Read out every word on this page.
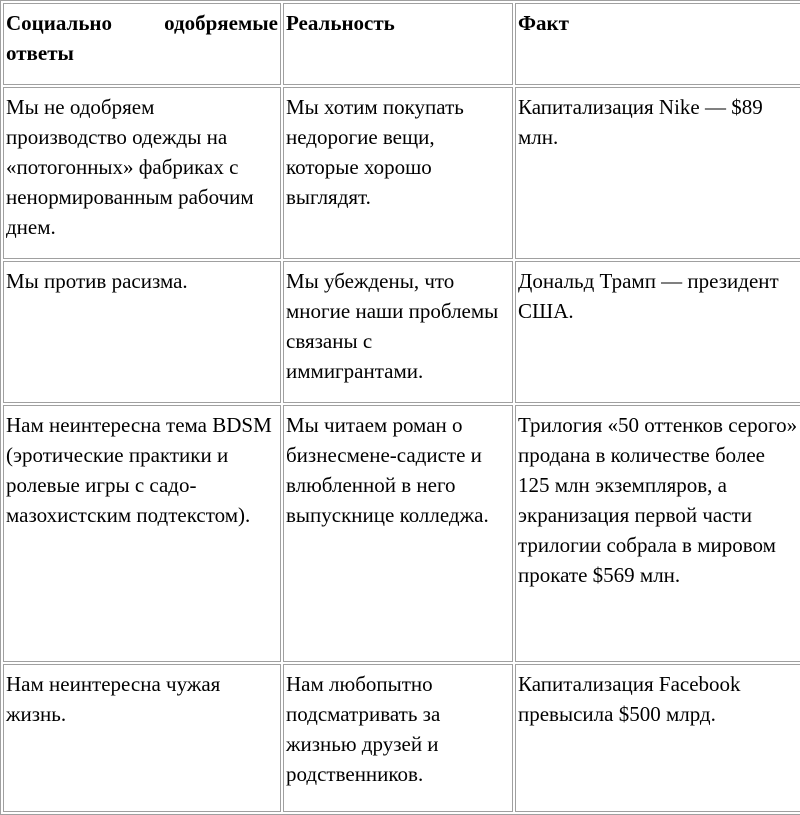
Социально одобряемые ответы	Реальность	Факт
Мы не одобряем производство одежды на «потогонных» фабриках с ненормированным рабочим днем.	Мы хотим покупать недорогие вещи, которые хорошо выглядят.	Капитализация Nike — $89 млн.
Мы против расизма.	Мы убеждены, что многие наши проблемы связаны с иммигрантами.	Дональд Трамп — президент США.
Нам неинтересна тема BDSM (эротические практики и ролевые игры с садо-мазохистским подтекстом).	Мы читаем роман о бизнесмене-садисте и влюбленной в него выпускнице колледжа.	Трилогия «50 оттенков серого» продана в количестве более 125 млн экземпляров, а экранизация первой части трилогии собрала в мировом прокате $569 млн.
Нам неинтересна чужая жизнь.	Нам любопытно подсматривать за жизнью друзей и родственников.	Капитализация Facebook превысила $500 млрд.
